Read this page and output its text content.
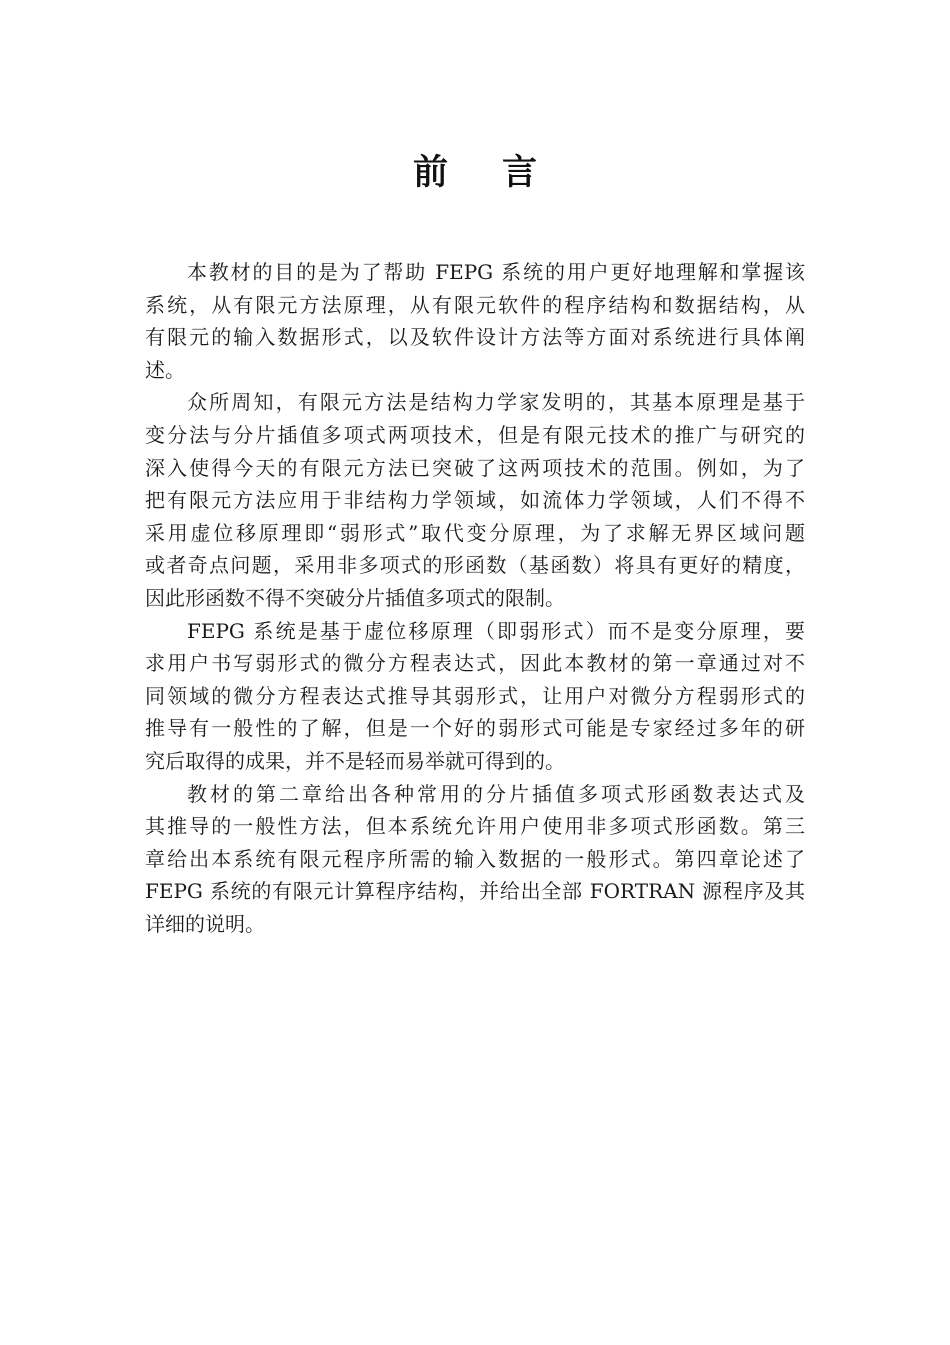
前 言
本教材的目的是为了帮助 FEPG 系统的用户更好地理解和掌握该
系统，从有限元方法原理，从有限元软件的程序结构和数据结构，从
有限元的输入数据形式，以及软件设计方法等方面对系统进行具体阐
述。
众所周知，有限元方法是结构力学家发明的，其基本原理是基于
变分法与分片插值多项式两项技术，但是有限元技术的推广与研究的
深入使得今天的有限元方法已突破了这两项技术的范围。例如，为了
把有限元方法应用于非结构力学领域，如流体力学领域，人们不得不
采用虚位移原理即“弱形式”取代变分原理，为了求解无界区域问题
或者奇点问题，采用非多项式的形函数（基函数）将具有更好的精度，
因此形函数不得不突破分片插值多项式的限制。
FEPG 系统是基于虚位移原理（即弱形式）而不是变分原理，要
求用户书写弱形式的微分方程表达式，因此本教材的第一章通过对不
同领域的微分方程表达式推导其弱形式，让用户对微分方程弱形式的
推导有一般性的了解，但是一个好的弱形式可能是专家经过多年的研
究后取得的成果，并不是轻而易举就可得到的。
教材的第二章给出各种常用的分片插值多项式形函数表达式及
其推导的一般性方法，但本系统允许用户使用非多项式形函数。第三
章给出本系统有限元程序所需的输入数据的一般形式。第四章论述了
FEPG 系统的有限元计算程序结构，并给出全部 FORTRAN 源程序及其
详细的说明。
